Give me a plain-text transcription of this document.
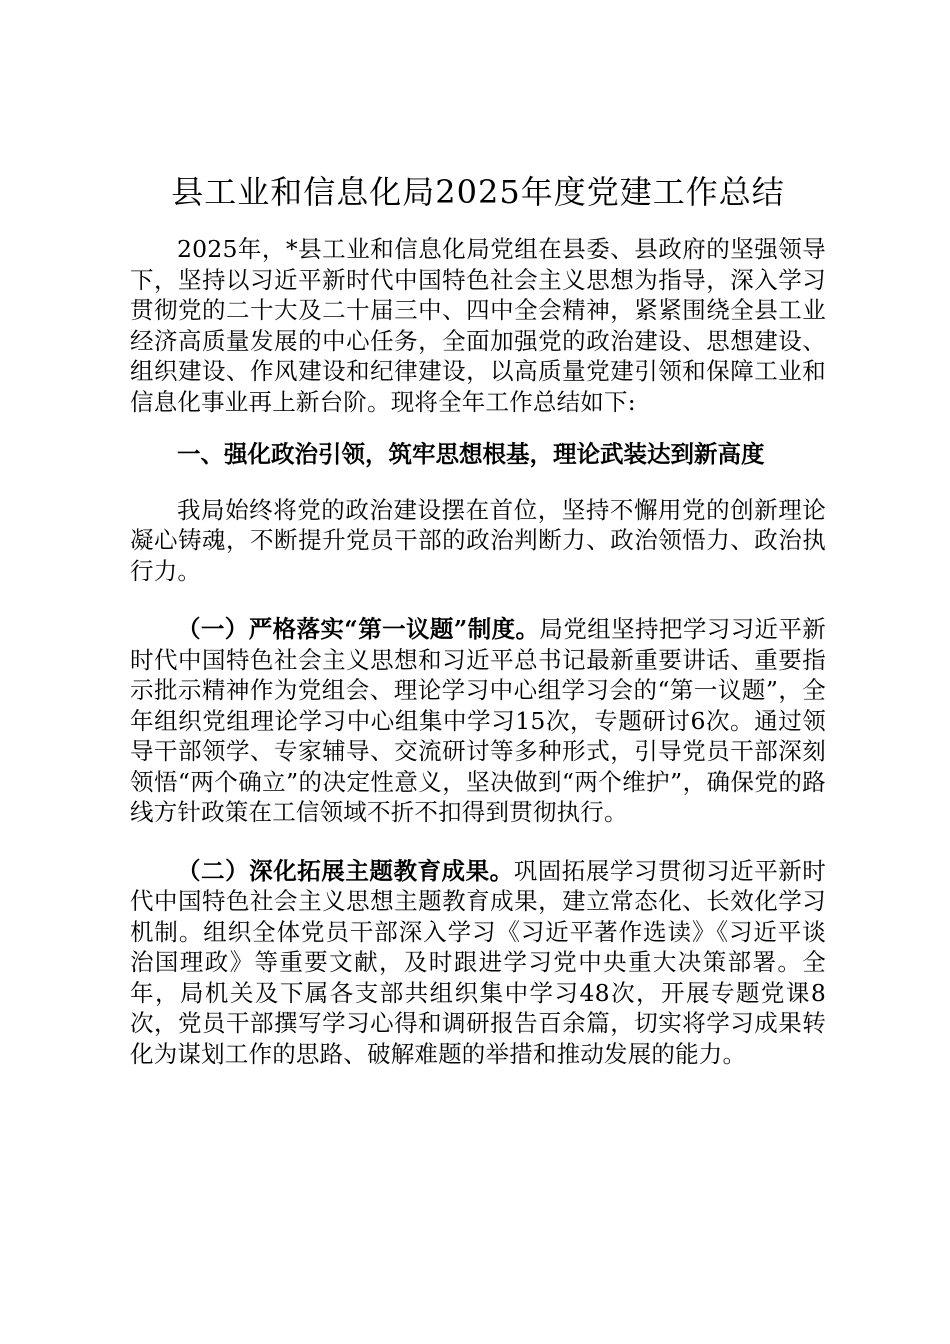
县工业和信息化局2025年度党建工作总结

2025年，*县工业和信息化局党组在县委、县政府的坚强领导下，坚持以习近平新时代中国特色社会主义思想为指导，深入学习贯彻党的二十大及二十届三中、四中全会精神，紧紧围绕全县工业经济高质量发展的中心任务，全面加强党的政治建设、思想建设、组织建设、作风建设和纪律建设，以高质量党建引领和保障工业和信息化事业再上新台阶。现将全年工作总结如下:

一、强化政治引领，筑牢思想根基，理论武装达到新高度

我局始终将党的政治建设摆在首位，坚持不懈用党的创新理论凝心铸魂，不断提升党员干部的政治判断力、政治领悟力、政治执行力。

（一）严格落实“第一议题”制度。局党组坚持把学习习近平新时代中国特色社会主义思想和习近平总书记最新重要讲话、重要指示批示精神作为党组会、理论学习中心组学习会的“第一议题”，全年组织党组理论学习中心组集中学习15次，专题研讨6次。通过领导干部领学、专家辅导、交流研讨等多种形式，引导党员干部深刻领悟“两个确立”的决定性意义，坚决做到“两个维护”，确保党的路线方针政策在工信领域不折不扣得到贯彻执行。

（二）深化拓展主题教育成果。巩固拓展学习贯彻习近平新时代中国特色社会主义思想主题教育成果，建立常态化、长效化学习机制。组织全体党员干部深入学习《习近平著作选读》《习近平谈治国理政》等重要文献，及时跟进学习党中央重大决策部署。全年，局机关及下属各支部共组织集中学习48次，开展专题党课8次，党员干部撰写学习心得和调研报告百余篇，切实将学习成果转化为谋划工作的思路、破解难题的举措和推动发展的能力。
